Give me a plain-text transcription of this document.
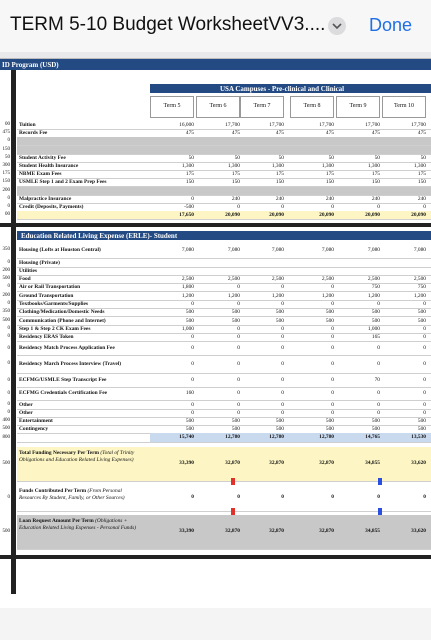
TERM 5-10 Budget WorksheetVV3.... Done
ID Program (USD)
USA Campuses - Pre-clinical and Clinical
Term 5	Term 6	Term 7	Term 8	Term 9	Term 10
00 Tuition	16,000	17,700	17,700	17,700	17,700	17,700
475 Records Fee	475	475	475	475	475	475
0
150
50 Student Activity Fee	50	50	50	50	50	50
300 Student Health Insurance	1,300	1,300	1,300	1,300	1,300	1,300
175 NBME Exam Fees	175	175	175	175	175	175
150 USMLE Step 1 and 2 Exam Prep Fees	150	150	150	150	150	150
200
0 Malpractice Insurance	0	240	240	240	240	240
0 Credit (Deposits, Payments)	-500	0	0	0	0	0
00	17,650	20,090	20,090	20,090	20,090	20,090
Education Related Living Expense (ERLE)- Student
350 Housing (Lofts at Houston Central)	7,080	7,080	7,080	7,080	7,080	7,080
0 Housing (Private)
200 Utilities
500 Food	2,500	2,500	2,500	2,500	2,500	2,500
0 Air or Rail Transportation	1,800	0	0	0	750	750
200 Ground Transportation	1,200	1,200	1,200	1,200	1,200	1,200
0 Textbooks/Garments/Supplies	0	0	0	0	0	0
350 Clothing/Medication/Domestic Needs	500	500	500	500	500	500
500 Communication (Phone and Internet)	500	500	500	500	500	500
0 Step 1 & Step 2 CK Exam Fees	1,000	0	0	0	1,000	0
0 Residency ERAS Token	0	0	0	0	165	0
0 Residency Match Process Application Fee	0	0	0	0	0	0
0 Residency March Process Interview (Travel)	0	0	0	0	0	0
0 ECFMG/USMLE Step Transcript Fee	0	0	0	0	70	0
0 ECFMG Credentials Certification Fee	160	0	0	0	0	0
0 Other	0	0	0	0	0	0
0 Other	0	0	0	0	0	0
400 Entertainment	500	500	500	500	500	500
500 Contingency	500	500	500	500	500	500
800	15,740	12,780	12,780	12,780	14,765	13,530
500
Total Funding Necessary Per Term (Total of Trinity Obligations and Education Related Living Expenses)	33,390	32,870	32,870	32,870	34,855	33,620
0
Funds Contributed Per Term (From Personal Resources By Student, Family, or Other Sources)	0	0	0	0	0	0
500
Loan Request Amount Per Term (Obligations + Education Related Living Expenses - Personal Funds)	33,390	32,870	32,870	32,870	34,855	33,620
